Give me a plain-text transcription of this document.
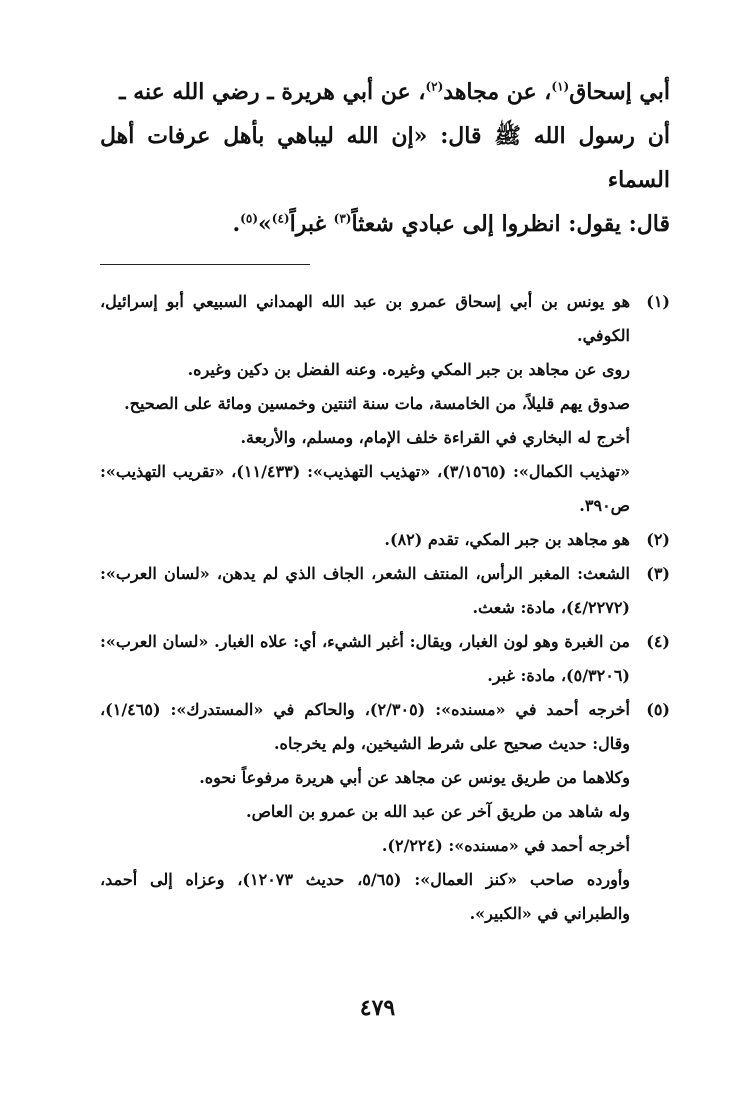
أبي إسحاق$^{(١)}$، عن مجاهد$^{(٢)}$، عن أبي هريرة ـ رضي الله عنه ـ

أن رسول الله ﷺ قال: «إن الله ليباهي بأهل عرفات أهل السماء

قال: يقول: انظروا إلى عبادي شعثاً$^{(٣)}$ غبراً$^{(٤)}$»$^{(٥)}$.

(١)

هو يونس بن أبي إسحاق عمرو بن عبد الله الهمداني السبيعي أبو إسرائيل، الكوفي.

روى عن مجاهد بن جبر المكي وغيره. وعنه الفضل بن دكين وغيره.

صدوق يهم قليلاً، من الخامسة، مات سنة اثنتين وخمسين ومائة على الصحيح.

أخرج له البخاري في القراءة خلف الإمام، ومسلم، والأربعة.

«تهذيب الكمال»: (٣/١٥٦٥)، «تهذيب التهذيب»: (١١/٤٣٣)، «تقريب التهذيب»: ص٣٩٠.

(٢)

هو مجاهد بن جبر المكي، تقدم (٨٢).

(٣)

الشعث: المغبر الرأس، المنتف الشعر، الجاف الذي لم يدهن، «لسان العرب»: (٤/٢٢٧٢)، مادة: شعث.

(٤)

من الغبرة وهو لون الغبار، ويقال: أغبر الشيء، أي: علاه الغبار. «لسان العرب»: (٥/٣٢٠٦)، مادة: غبر.

(٥)

أخرجه أحمد في «مسنده»: (٢/٣٠٥)، والحاكم في «المستدرك»: (١/٤٦٥)، وقال: حديث صحيح على شرط الشيخين، ولم يخرجاه.

وكلاهما من طريق يونس عن مجاهد عن أبي هريرة مرفوعاً نحوه.

وله شاهد من طريق آخر عن عبد الله بن عمرو بن العاص.

أخرجه أحمد في «مسنده»: (٢/٢٢٤).

وأورده صاحب «كنز العمال»: (٥/٦٥، حديث ١٢٠٧٣)، وعزاه إلى أحمد، والطبراني في «الكبير».

٤٧٩
